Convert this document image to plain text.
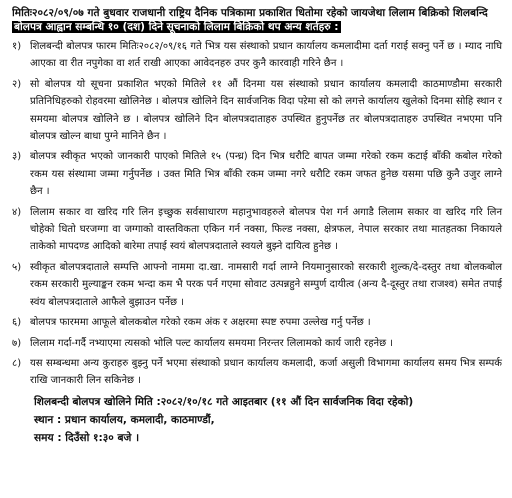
मितिः२०८२/०९/०७ गते बुधवार राजधानी राष्ट्रिय दैनिक पत्रिकामा प्रकाशित धितोमा रहेको जायजेथा लिलाम बिक्रिको शिलबन्दि
बोलपत्र आह्वान सम्बन्धि १० (दश) दिने सूचनाको लिलाम बिक्रिको थप अन्य शर्तहरु :
१) शिलबन्दी बोलपत्र फारम मितिः२०८२/०९/१६ गते भित्र यस संस्थाको प्रधान कार्यालय कमलादीमा दर्ता गराई सक्नु पर्ने छ । म्याद नाघि आएका वा रीत नपुगेका वा शर्त राखी आएका आवेदनहरु उपर कुनै कारवाही गरिने छैन ।
२) सो बोलपत्र यो सूचना प्रकाशित भएको मितिले ११ औं दिनमा यस संस्थाको प्रधान कार्यालय कमलादी काठमाण्डौमा सरकारी प्रतिनिधिहरुको रोहवरमा खोलिनेछ । बोलपत्र खोलिने दिन सार्वजनिक विदा पऱेमा सो को लगत्ते कार्यालय खुलेको दिनमा सोहि स्थान र समयमा बोलपत्र खोलिने छ । बोलपत्र खोलिने दिन बोलपत्रदाताहरु उपस्थित हुनुपर्नेछ तर बोलपत्रदाताहरु उपस्थित नभएमा पनि बोलपत्र खोल्न बाधा पुग्ने मानिने छैन ।
३) बोलपत्र स्वीकृत भएको जानकारी पाएको मितिले १५ (पन्ध्र) दिन भित्र धरौटि बापत जम्मा गरेको रकम कटाई बाँकी कबोल गरेको रकम यस संस्थामा जम्मा गर्नुपर्नेछ । उक्त मिति भित्र बाँकी रकम जम्मा नगरे धरौटि रकम जफत हुनेछ यसमा पछि कुनै उजुर लाग्ने छैन ।
४) लिलाम सकार वा खरिद गरि लिन इच्छुक सर्वसाधारण महानुभावहरुले बोलपत्र पेश गर्न अगाडै लिलाम सकार वा खरिद गरि लिन चोहेको धितो घरजग्गा वा जग्गाको वास्तविकता एकिन गर्न नक्सा, फिल्ड नक्सा, क्षेत्रफल, नेपाल सरकार तथा मातहतका निकायले ताकेको मापदण्ड आदिको बारेमा तपाई स्वयं बोलपत्रदाताले स्वयले बुझ्ने दायित्व हुनेछ ।
५) स्वीकृत बोलपत्रदाताले सम्पत्ति आफ्नो नाममा दा.खा. नामसारी गर्दा लाग्ने नियमानुसारको सरकारी शुल्क/दे-दस्तुर तथा बोलकबोल रकम सरकारी मुल्याङ्कन रकम भन्दा कम भै परक पर्न गएमा सोवाट उत्पन्नहुने सम्पुर्ण दायीत्व (अन्य दै-दूस्तुर तथा राजश्व) समेत तपाई स्वंय बोलपत्रदाताले आफैले बुझाउन पर्नेछ ।
६) बोलपत्र फारममा आफूले बोलकबोल गरेको रकम अंक र अक्षरमा स्पष्ट रुपमा उल्लेख गर्नु पर्नेछ ।
७) लिलाम गर्दा-गर्दै नभ्याएमा त्यसको भोलि पल्ट कार्यालय समयमा निरन्तर लिलामको कार्य जारी रहनेछ ।
८) यस सम्बन्धमा अन्य कुराहरु बुझ्नु पर्ने भएमा संस्थाको प्रधान कार्यालय कमलादी, कर्जा असुली विभागमा कार्यालय समय भित्र सम्पर्क राखि जानकारी लिन सकिनेछ ।
शिलबन्दी बोलपत्र खोलिने मिति :२०८२/१०/१८ गते आइतबार (११ औं दिन सार्वजनिक विदा रहेको)
स्थान : प्रधान कार्यालय, कमलादी, काठमाण्डौं,
समय : दिउँसो १:३० बजे ।
